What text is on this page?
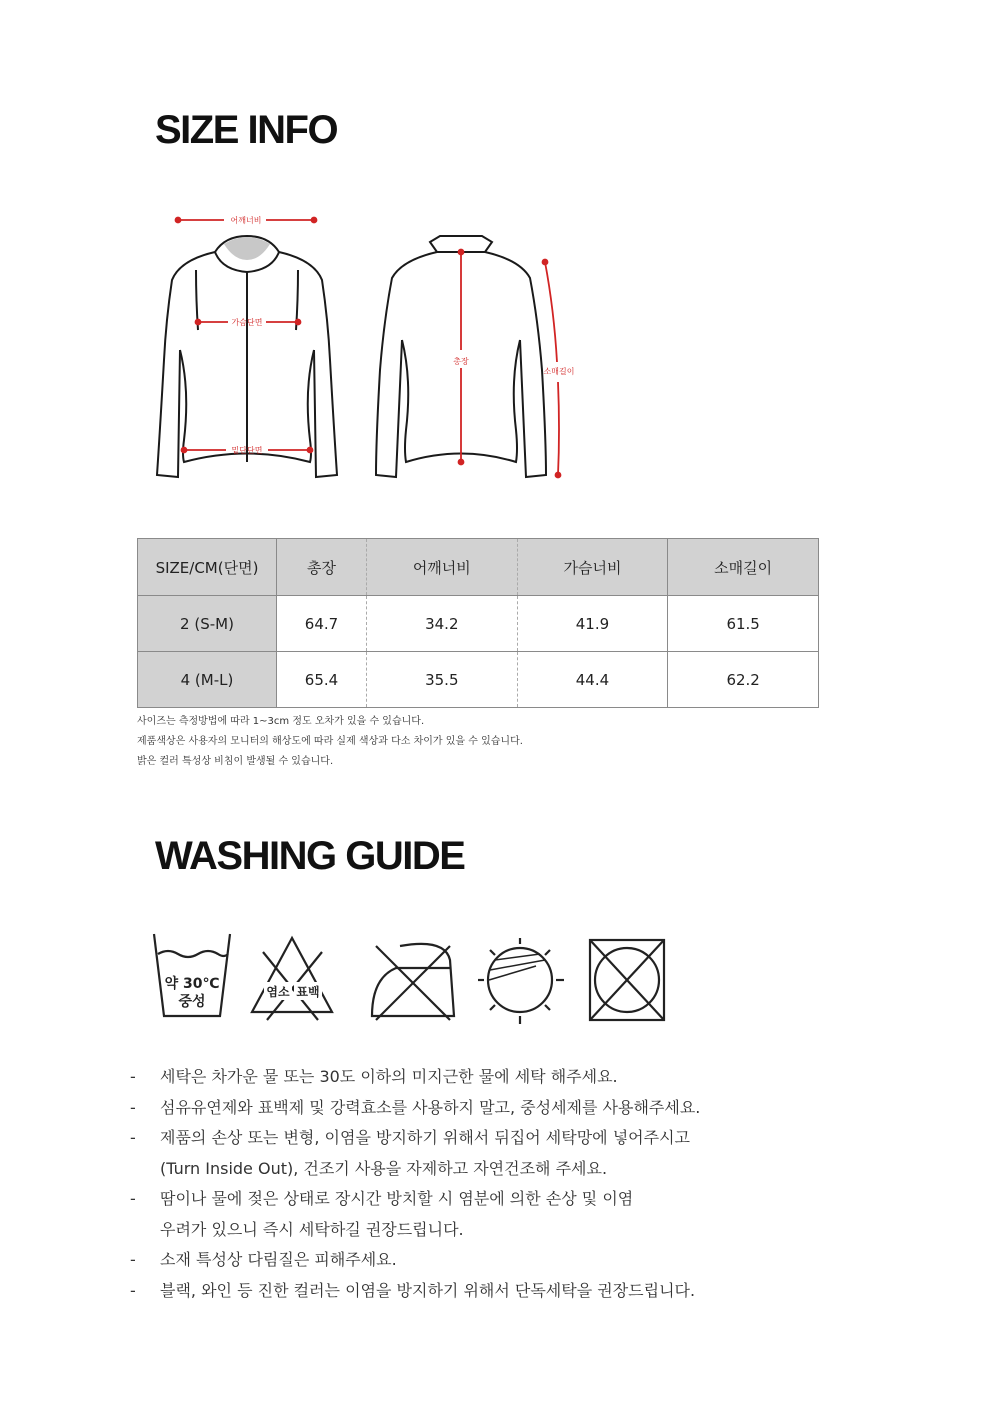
SIZE INFO
어깨너비
가슴단면
밑단단면
총장
소매길이
SIZE/CM(단면)	총장	어깨너비	가슴너비	소매길이
2 (S-M)	64.7	34.2	41.9	61.5
4 (M-L)	65.4	35.5	44.4	62.2
사이즈는 측정방법에 따라 1~3cm 정도 오차가 있을 수 있습니다.
제품색상은 사용자의 모니터의 해상도에 따라 실제 색상과 다소 차이가 있을 수 있습니다.
밝은 컬러 특성상 비침이 발생될 수 있습니다.
WASHING GUIDE
약 30℃
중성
염소 표백
- 세탁은 차가운 물 또는 30도 이하의 미지근한 물에 세탁 해주세요.
- 섬유유연제와 표백제 및 강력효소를 사용하지 말고, 중성세제를 사용해주세요.
- 제품의 손상 또는 변형, 이염을 방지하기 위해서 뒤집어 세탁망에 넣어주시고
(Turn Inside Out), 건조기 사용을 자제하고 자연건조해 주세요.
- 땀이나 물에 젖은 상태로 장시간 방치할 시 염분에 의한 손상 및 이염
우려가 있으니 즉시 세탁하길 권장드립니다.
- 소재 특성상 다림질은 피해주세요.
- 블랙, 와인 등 진한 컬러는 이염을 방지하기 위해서 단독세탁을 권장드립니다.
